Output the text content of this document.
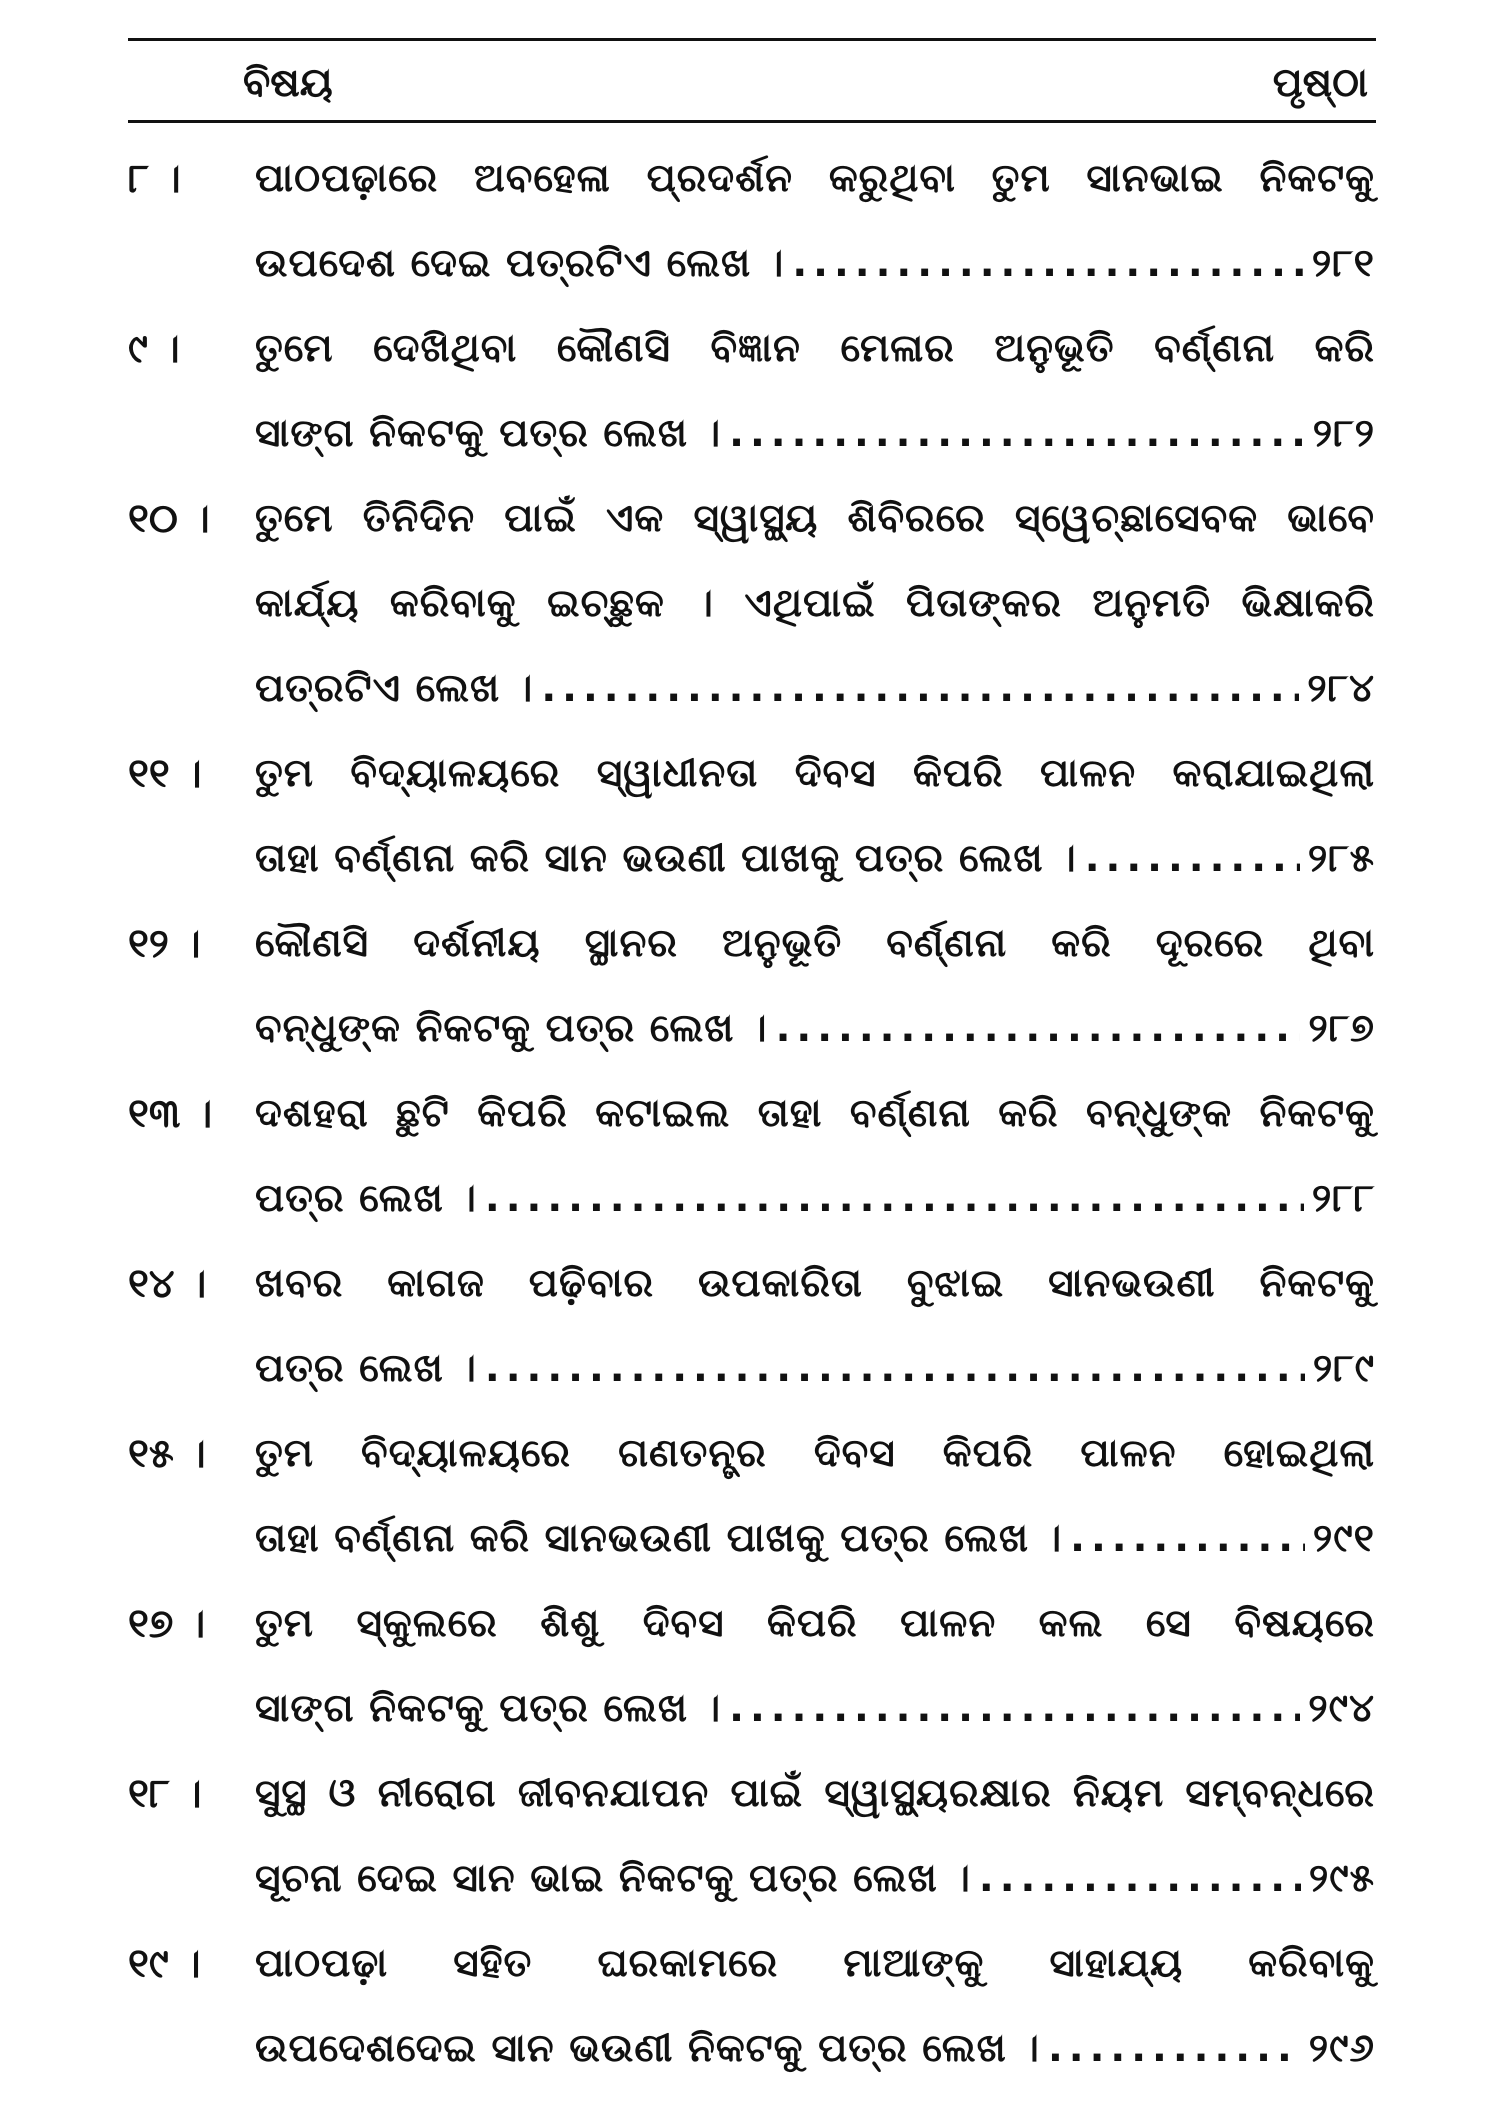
ବିଷୟ	ପୃଷ୍ଠା
୮ ।	ପାଠପଢ଼ାରେ ଅବହେଳା ପ୍ରଦର୍ଶନ କରୁଥିବା ତୁମ ସାନଭାଇ ନିକଟକୁ
ଉପଦେଶ ଦେଇ ପତ୍ରଟିଏ ଲେଖ । .....	୨୮୧
୯ ।	ତୁମେ ଦେଖିଥିବା କୌଣସି ବିଜ୍ଞାନ ମେଳାର ଅନୁଭୂତି ବର୍ଣ୍ଣନା କରି
ସାଙ୍ଗ ନିକଟକୁ ପତ୍ର ଲେଖ । .....	୨୮୨
୧୦ ।	ତୁମେ ତିନିଦିନ ପାଇଁ ଏକ ସ୍ୱାସ୍ଥ୍ୟ ଶିବିରରେ ସ୍ୱେଚ୍ଛାସେବକ ଭାବେ
କାର୍ଯ୍ୟ କରିବାକୁ ଇଚ୍ଛୁକ । ଏଥିପାଇଁ ପିତାଙ୍କର ଅନୁମତି ଭିକ୍ଷାକରି
ପତ୍ରଟିଏ ଲେଖ । .....	୨୮୪
୧୧ ।	ତୁମ ବିଦ୍ୟାଳୟରେ ସ୍ୱାଧୀନତା ଦିବସ କିପରି ପାଳନ କରାଯାଇଥିଲା
ତାହା ବର୍ଣ୍ଣନା କରି ସାନ ଭଉଣୀ ପାଖକୁ ପତ୍ର ଲେଖ । .....	୨୮୫
୧୨ ।	କୌଣସି ଦର୍ଶନୀୟ ସ୍ଥାନର ଅନୁଭୂତି ବର୍ଣ୍ଣନା କରି ଦୂରରେ ଥିବା
ବନ୍ଧୁଙ୍କ ନିକଟକୁ ପତ୍ର ଲେଖ । .....	୨୮୭
୧୩ ।	ଦଶହରା ଛୁଟି କିପରି କଟାଇଲ ତାହା ବର୍ଣ୍ଣନା କରି ବନ୍ଧୁଙ୍କ ନିକଟକୁ
ପତ୍ର ଲେଖ । .....	୨୮୮
୧୪ ।	ଖବର କାଗଜ ପଢ଼ିବାର ଉପକାରିତା ବୁଝାଇ ସାନଭଉଣୀ ନିକଟକୁ
ପତ୍ର ଲେଖ । .....	୨୮୯
୧୫ ।	ତୁମ ବିଦ୍ୟାଳୟରେ ଗଣତନ୍ତ୍ର ଦିବସ କିପରି ପାଳନ ହୋଇଥିଲା
ତାହା ବର୍ଣ୍ଣନା କରି ସାନଭଉଣୀ ପାଖକୁ ପତ୍ର ଲେଖ । .....	୨୯୧
୧୭ ।	ତୁମ ସ୍କୁଲରେ ଶିଶୁ ଦିବସ କିପରି ପାଳନ କଲ ସେ ବିଷୟରେ
ସାଙ୍ଗ ନିକଟକୁ ପତ୍ର ଲେଖ । .....	୨୯୪
୧୮ ।	ସୁସ୍ଥ ଓ ନୀରୋଗ ଜୀବନଯାପନ ପାଇଁ ସ୍ୱାସ୍ଥ୍ୟରକ୍ଷାର ନିୟମ ସମ୍ବନ୍ଧରେ
ସୂଚନା ଦେଇ ସାନ ଭାଇ ନିକଟକୁ ପତ୍ର ଲେଖ । .....	୨୯୫
୧୯ ।	ପାଠପଢ଼ା ସହିତ ଘରକାମରେ ମାଆଙ୍କୁ ସାହାଯ୍ୟ କରିବାକୁ
ଉପଦେଶଦେଇ ସାନ ଭଉଣୀ ନିକଟକୁ ପତ୍ର ଲେଖ । .....	୨୯୬
